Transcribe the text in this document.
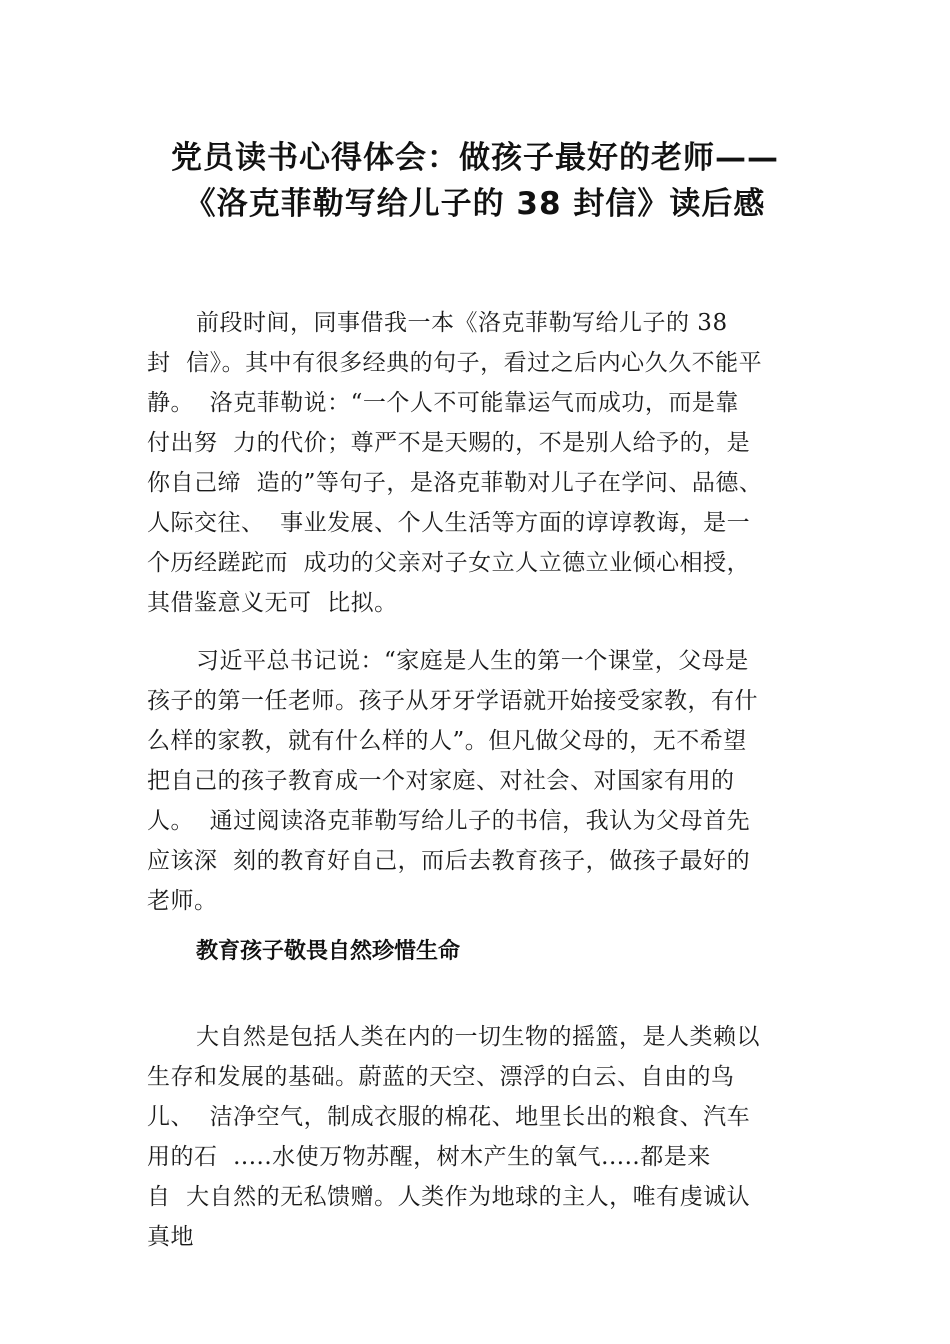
党员读书心得体会：做孩子最好的老师——
《洛克菲勒写给儿子的 38 封信》读后感
前段时间，同事借我一本《洛克菲勒写给儿子的 38
封  信》。其中有很多经典的句子，看过之后内心久久不能平
静。  洛克菲勒说：“一个人不可能靠运气而成功，而是靠
付出努  力的代价；尊严不是天赐的，不是别人给予的，是
你自己缔  造的”等句子，是洛克菲勒对儿子在学问、品德、
人际交往、  事业发展、个人生活等方面的谆谆教诲，是一
个历经蹉跎而  成功的父亲对子女立人立德立业倾心相授，
其借鉴意义无可  比拟。
习近平总书记说：“家庭是人生的第一个课堂，父母是
孩子的第一任老师。孩子从牙牙学语就开始接受家教，有什
么样的家教，就有什么样的人”。但凡做父母的，无不希望
把自己的孩子教育成一个对家庭、对社会、对国家有用的
人。  通过阅读洛克菲勒写给儿子的书信，我认为父母首先
应该深  刻的教育好自己，而后去教育孩子，做孩子最好的
老师。
教育孩子敬畏自然珍惜生命
大自然是包括人类在内的一切生物的摇篮，是人类赖以
生存和发展的基础。蔚蓝的天空、漂浮的白云、自由的鸟
儿、  洁净空气，制成衣服的棉花、地里长出的粮食、汽车
用的石  .....水使万物苏醒，树木产生的氧气.....都是来
自  大自然的无私馈赠。人类作为地球的主人，唯有虔诚认
真地
